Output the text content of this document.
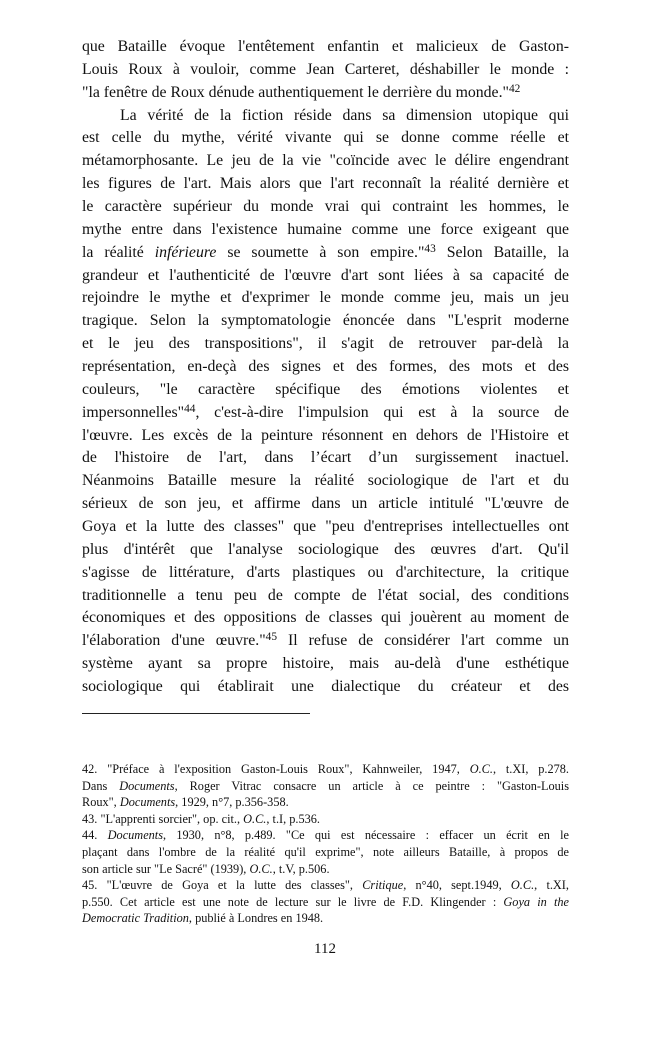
que Bataille évoque l'entêtement enfantin et malicieux de Gaston-
Louis Roux à vouloir, comme Jean Carteret, déshabiller le monde :
"la fenêtre de Roux dénude authentiquement le derrière du monde."$^{42}$
La vérité de la fiction réside dans sa dimension utopique qui
est celle du mythe, vérité vivante qui se donne comme réelle et
métamorphosante. Le jeu de la vie "coïncide avec le délire engendrant
les figures de l'art. Mais alors que l'art reconnaît la réalité dernière et
le caractère supérieur du monde vrai qui contraint les hommes, le
mythe entre dans l'existence humaine comme une force exigeant que
la réalité inférieure se soumette à son empire."$^{43}$ Selon Bataille, la
grandeur et l'authenticité de l'œuvre d'art sont liées à sa capacité de
rejoindre le mythe et d'exprimer le monde comme jeu, mais un jeu
tragique. Selon la symptomatologie énoncée dans "L'esprit moderne
et le jeu des transpositions", il s'agit de retrouver par-delà la
représentation, en-deçà des signes et des formes, des mots et des
couleurs, "le caractère spécifique des émotions violentes et
impersonnelles"$^{44}$, c'est-à-dire l'impulsion qui est à la source de
l'œuvre. Les excès de la peinture résonnent en dehors de l'Histoire et
de l'histoire de l'art, dans l’écart d’un surgissement inactuel.
Néanmoins Bataille mesure la réalité sociologique de l'art et du
sérieux de son jeu, et affirme dans un article intitulé "L'œuvre de
Goya et la lutte des classes" que "peu d'entreprises intellectuelles ont
plus d'intérêt que l'analyse sociologique des œuvres d'art. Qu'il
s'agisse de littérature, d'arts plastiques ou d'architecture, la critique
traditionnelle a tenu peu de compte de l'état social, des conditions
économiques et des oppositions de classes qui jouèrent au moment de
l'élaboration d'une œuvre."$^{45}$ Il refuse de considérer l'art comme un
système ayant sa propre histoire, mais au-delà d'une esthétique
sociologique qui établirait une dialectique du créateur et des
42. "Préface à l'exposition Gaston-Louis Roux", Kahnweiler, 1947, O.C., t.XI, p.278.
Dans Documents, Roger Vitrac consacre un article à ce peintre : "Gaston-Louis
Roux", Documents, 1929, n°7, p.356-358.
43. "L'apprenti sorcier", op. cit., O.C., t.I, p.536.
44. Documents, 1930, n°8, p.489. "Ce qui est nécessaire : effacer un écrit en le
plaçant dans l'ombre de la réalité qu'il exprime", note ailleurs Bataille, à propos de
son article sur "Le Sacré" (1939), O.C., t.V, p.506.
45. "L'œuvre de Goya et la lutte des classes", Critique, n°40, sept.1949, O.C., t.XI,
p.550. Cet article est une note de lecture sur le livre de F.D. Klingender : Goya in the
Democratic Tradition, publié à Londres en 1948.
112
